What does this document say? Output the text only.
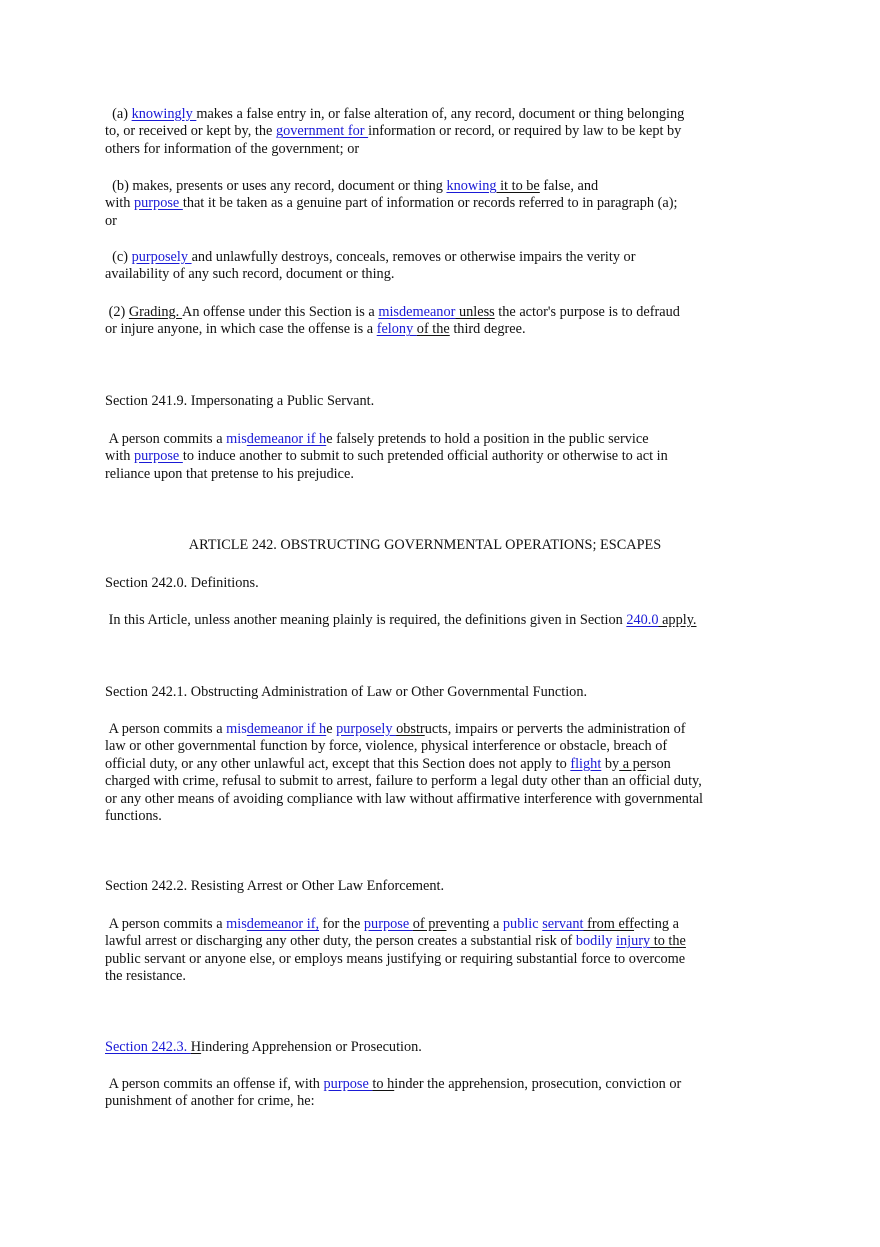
(a) knowingly makes a false entry in, or false alteration of, any record, document or thing belonging
to, or received or kept by, the government for information or record, or required by law to be kept by
others for information of the government; or

(b) makes, presents or uses any record, document or thing knowing it to be false, and
with purpose that it be taken as a genuine part of information or records referred to in paragraph (a);
or

(c) purposely and unlawfully destroys, conceals, removes or otherwise impairs the verity or
availability of any such record, document or thing.

(2) Grading. An offense under this Section is a misdemeanor unless the actor's purpose is to defraud
or injure anyone, in which case the offense is a felony of the third degree.

Section 241.9. Impersonating a Public Servant.

A person commits a misdemeanor if he falsely pretends to hold a position in the public service
with purpose to induce another to submit to such pretended official authority or otherwise to act in
reliance upon that pretense to his prejudice.

ARTICLE 242. OBSTRUCTING GOVERNMENTAL OPERATIONS; ESCAPES

Section 242.0. Definitions.

In this Article, unless another meaning plainly is required, the definitions given in Section 240.0 apply.

Section 242.1. Obstructing Administration of Law or Other Governmental Function.

A person commits a misdemeanor if he purposely obstructs, impairs or perverts the administration of
law or other governmental function by force, violence, physical interference or obstacle, breach of
official duty, or any other unlawful act, except that this Section does not apply to flight by a person
charged with crime, refusal to submit to arrest, failure to perform a legal duty other than an official duty,
or any other means of avoiding compliance with law without affirmative interference with governmental
functions.

Section 242.2. Resisting Arrest or Other Law Enforcement.

A person commits a misdemeanor if, for the purpose of preventing a public servant from effecting a
lawful arrest or discharging any other duty, the person creates a substantial risk of bodily injury to the
public servant or anyone else, or employs means justifying or requiring substantial force to overcome
the resistance.

Section 242.3. Hindering Apprehension or Prosecution.

A person commits an offense if, with purpose to hinder the apprehension, prosecution, conviction or
punishment of another for crime, he:
